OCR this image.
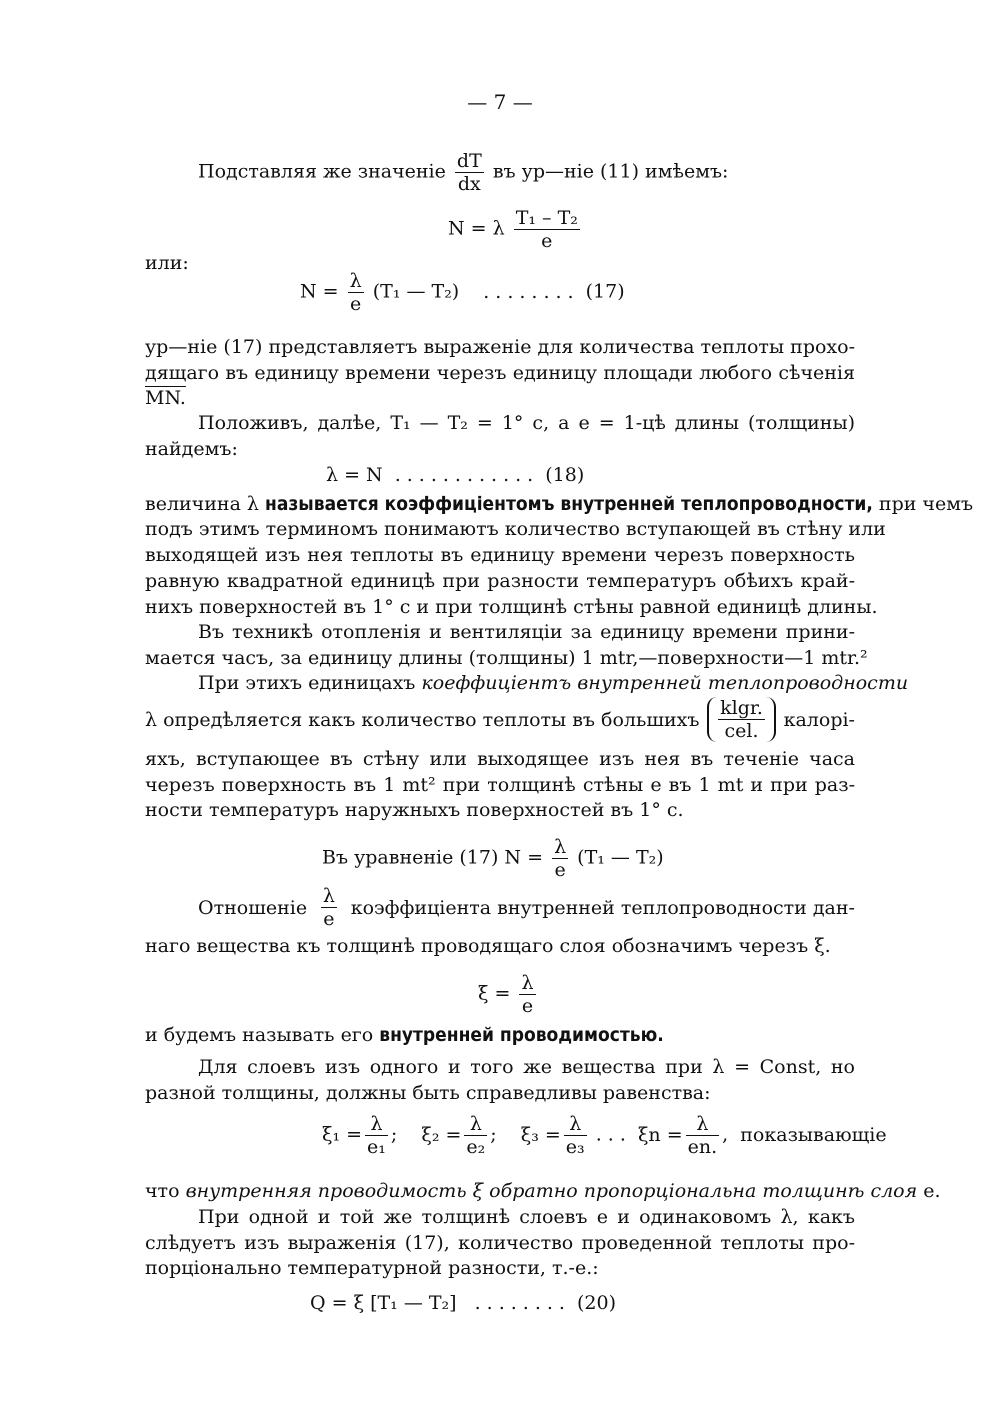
— 7 —
Подставляя же значеніе $\frac{dT}{dx}$ въ ур—ніе (11) имѣемъ:
N = λ $\frac{\text{T₁ – T₂}}{e}$
или:
$N = \frac{\lambda}{e} (T_1$ — T₂) ........ (17)
ур—ніе (17) представляетъ выраженіе для количества теплоты прохо-
дящаго въ единицу времени черезъ единицу площади любого сѣченія
MN.
Положивъ, далѣе, T₁ — T₂ = 1° c, а e = 1-цѣ длины (толщины)
найдемъ:
λ = N ............ (18)
величина λ называется коэффиціентомъ внутренней теплопроводности, при чемъ
подъ этимъ терминомъ понимаютъ количество вступающей въ стѣну или
выходящей изъ нея теплоты въ единицу времени черезъ поверхность
равную квадратной единицѣ при разности температуръ обѣихъ край-
нихъ поверхностей въ 1° c и при толщинѣ стѣны равной единицѣ длины.
Въ техникѣ отопленія и вентиляціи за единицу времени прини-
мается часъ, за единицу длины (толщины) 1 mtr,—поверхности—1 mtr.²
При этихъ единицахъ коеффиціентъ внутренней теплопроводности
λ опредѣляется какъ количество теплоты въ большихъ $\frac{klgr.}{\text{cel.}}$ калорі-
яхъ, вступающее въ стѣну или выходящее изъ нея въ теченіе часа
черезъ поверхность въ 1 mt² при толщинѣ стѣны e въ 1 mt и при раз-
ности температуръ наружныхъ поверхностей въ 1° c.
Въ уравненіе (17) $N = \frac{\lambda}{e} (T_1$ — T₂)
Отношеніе $\frac{\lambda}{e}$ коэффиціента внутренней теплопроводности дан-
наго вещества къ толщинѣ проводящаго слоя обозначимъ черезъ ξ.
$\xi = \frac{\lambda}{e}$
и будемъ называть его внутренней проводимостью.
Для слоевъ изъ одного и того же вещества при λ = Const, но
разной толщины, должны быть справедливы равенства:
$\xi_1 = \frac{\lambda}{\text{e₁}}$ ; $\xi_2 = \frac{\lambda}{\text{e₂}}$ ; $\xi_3 = \frac{\lambda}{\text{e₃}}$ . . . $\xi n = \frac{\lambda}{en.}$ , показывающіе
что внутренняя проводимость ξ обратно пропорціональна толщинѣ слоя e.
При одной и той же толщинѣ слоевъ e и одинаковомъ λ, какъ
слѣдуетъ изъ выраженія (17), количество проведенной теплоты про-
порціонально температурной разности, т.-е.:
Q = ξ [T₁ — T₂] ........ (20)
